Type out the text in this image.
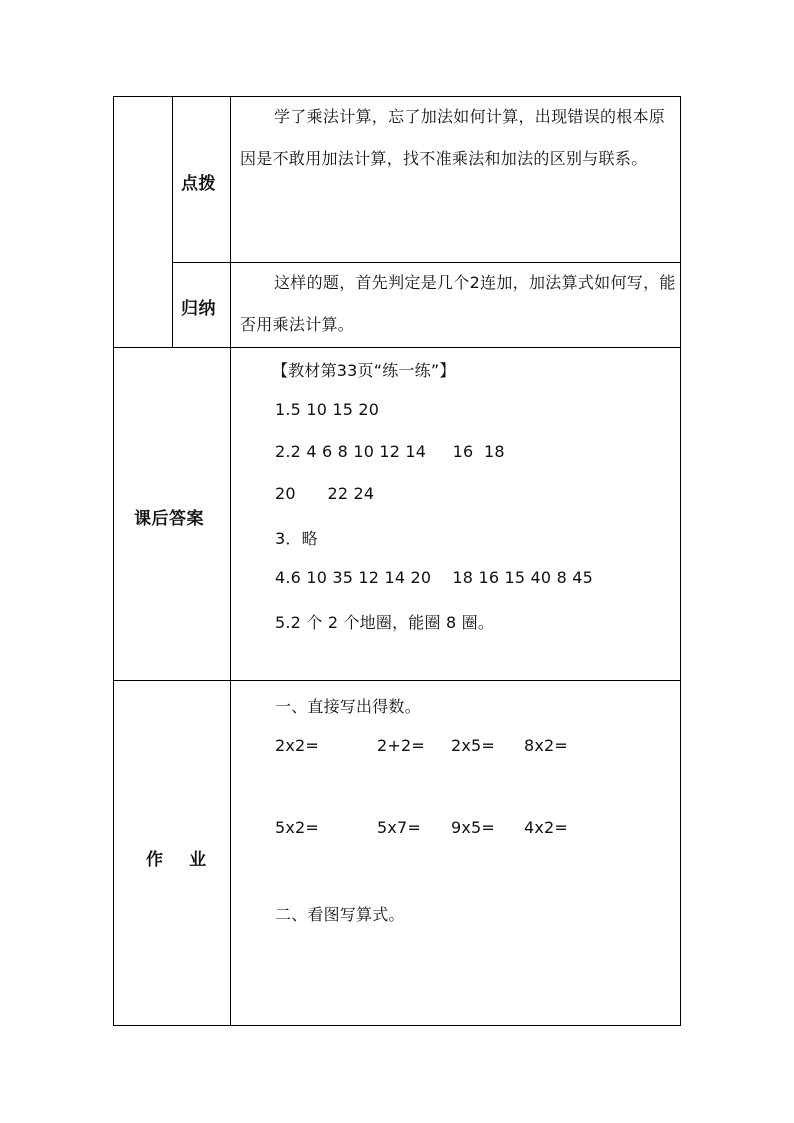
点拨
学了乘法计算，忘了加法如何计算，出现错误的根本原因是不敢用加法计算，找不准乘法和加法的区别与联系。
归纳
这样的题，首先判定是几个2连加，加法算式如何写，能否用乘法计算。
课后答案
【教材第33页“练一练”】
1.5 10 15 20
2.2 4 6 8 10 12 14     16  18
20      22 24
3．略
4.6 10 35 12 14 20    18 16 15 40 8 45
5.2 个 2 个地圈，能圈 8 圈。
作    业
一、直接写出得数。
2x2=	2+2= 2x5= 8x2=
5x2=	5x7= 9x5= 4x2=
二、看图写算式。
